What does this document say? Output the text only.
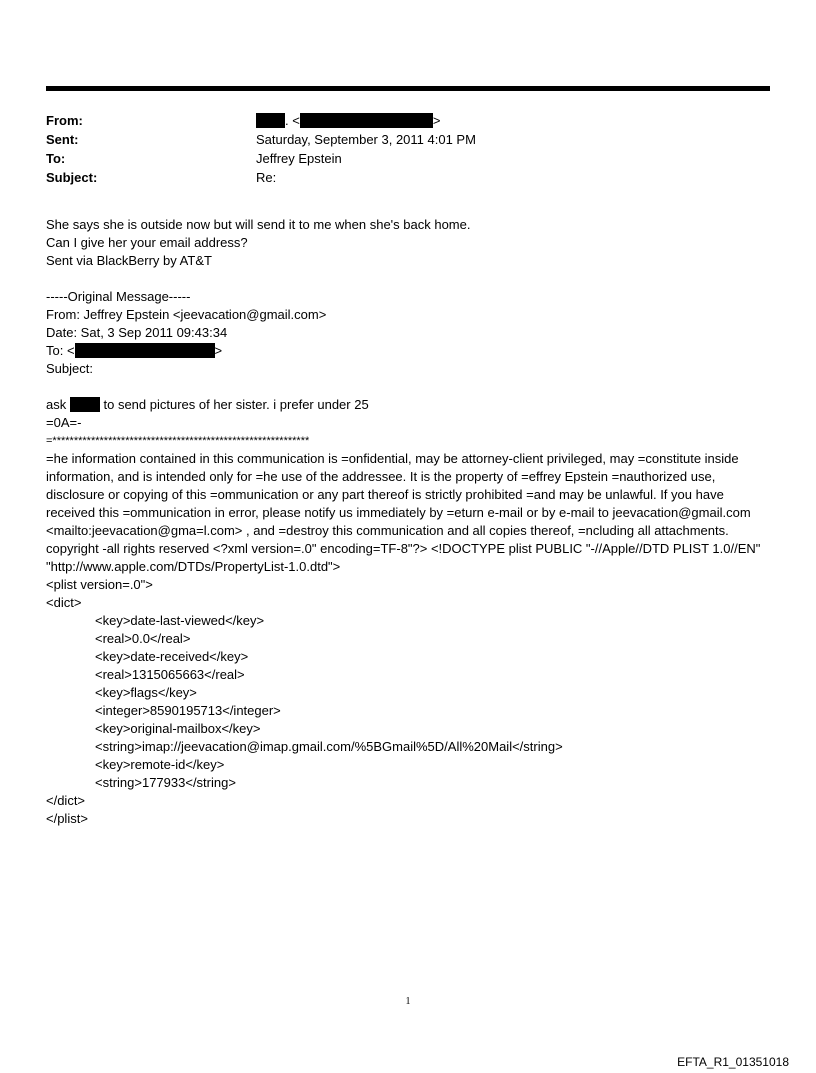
From:	. <	>
Sent:	Saturday, September 3, 2011 4:01 PM
To:	Jeffrey Epstein
Subject:	Re:
She says she is outside now but will send it to me when she's back home.
Can I give her your email address?
Sent via BlackBerry by AT&T
-----Original Message-----
From: Jeffrey Epstein <jeevacation@gmail.com>
Date: Sat, 3 Sep 2011 09:43:34
To: <	>
Subject:
ask	to send pictures of her sister. i prefer under 25
=0A=-
=************************************************************
=he information contained in this communication is =onfidential, may be attorney-client privileged, may =constitute inside information, and is intended only for =he use of the addressee. It is the property of =effrey Epstein =nauthorized use, disclosure or copying of this =ommunication or any part thereof is strictly prohibited =and may be unlawful. If you have received this =ommunication in error, please notify us immediately by =eturn e-mail or by e-mail to jeevacation@gmail.com <mailto:jeevacation@gma=l.com> , and =destroy this communication and all copies thereof, =ncluding all attachments. copyright -all rights reserved <?xml version=.0" encoding=TF-8"?> <!DOCTYPE plist PUBLIC "-//Apple//DTD PLIST 1.0//EN" "http://www.apple.com/DTDs/PropertyList-1.0.dtd">
<plist version=.0">
<dict>
<key>date-last-viewed</key>
<real>0.0</real>
<key>date-received</key>
<real>1315065663</real>
<key>flags</key>
<integer>8590195713</integer>
<key>original-mailbox</key>
<string>imap://jeevacation@imap.gmail.com/%5BGmail%5D/All%20Mail</string>
<key>remote-id</key>
<string>177933</string>
</dict>
</plist>
1
EFTA_R1_01351018
